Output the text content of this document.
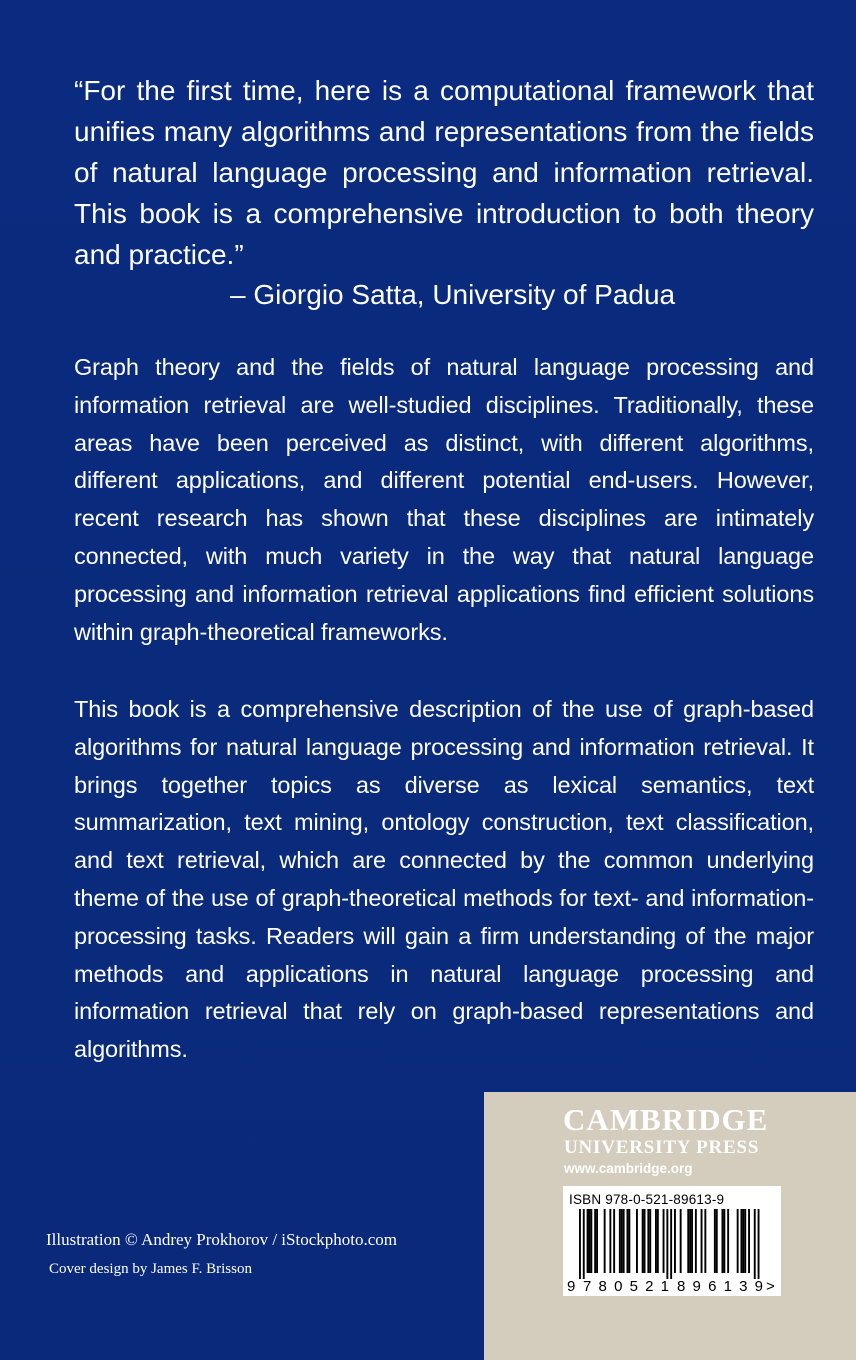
“For the first time, here is a computational framework that unifies many algorithms and representations from the fields of natural language processing and information retrieval. This book is a comprehensive introduction to both theory and practice.”

– Giorgio Satta, University of Padua

Graph theory and the fields of natural language processing and information retrieval are well-studied disciplines. Traditionally, these areas have been perceived as distinct, with different algorithms, different applications, and different potential end-users. However, recent research has shown that these disciplines are intimately connected, with much variety in the way that natural language processing and information retrieval applications find efficient solutions within graph-theoretical frameworks.

This book is a comprehensive description of the use of graph-based algorithms for natural language processing and information retrieval. It brings together topics as diverse as lexical semantics, text summarization, text mining, ontology construction, text classification, and text retrieval, which are connected by the common underlying theme of the use of graph-theoretical methods for text- and information-processing tasks. Readers will gain a firm understanding of the major methods and applications in natural language processing and information retrieval that rely on graph-based representations and algorithms.

Illustration © Andrey Prokhorov / iStockphoto.com

Cover design by James F. Brisson

CAMBRIDGE
UNIVERSITY PRESS
www.cambridge.org

ISBN 978-0-521-89613-9

9 780521 896139 >
